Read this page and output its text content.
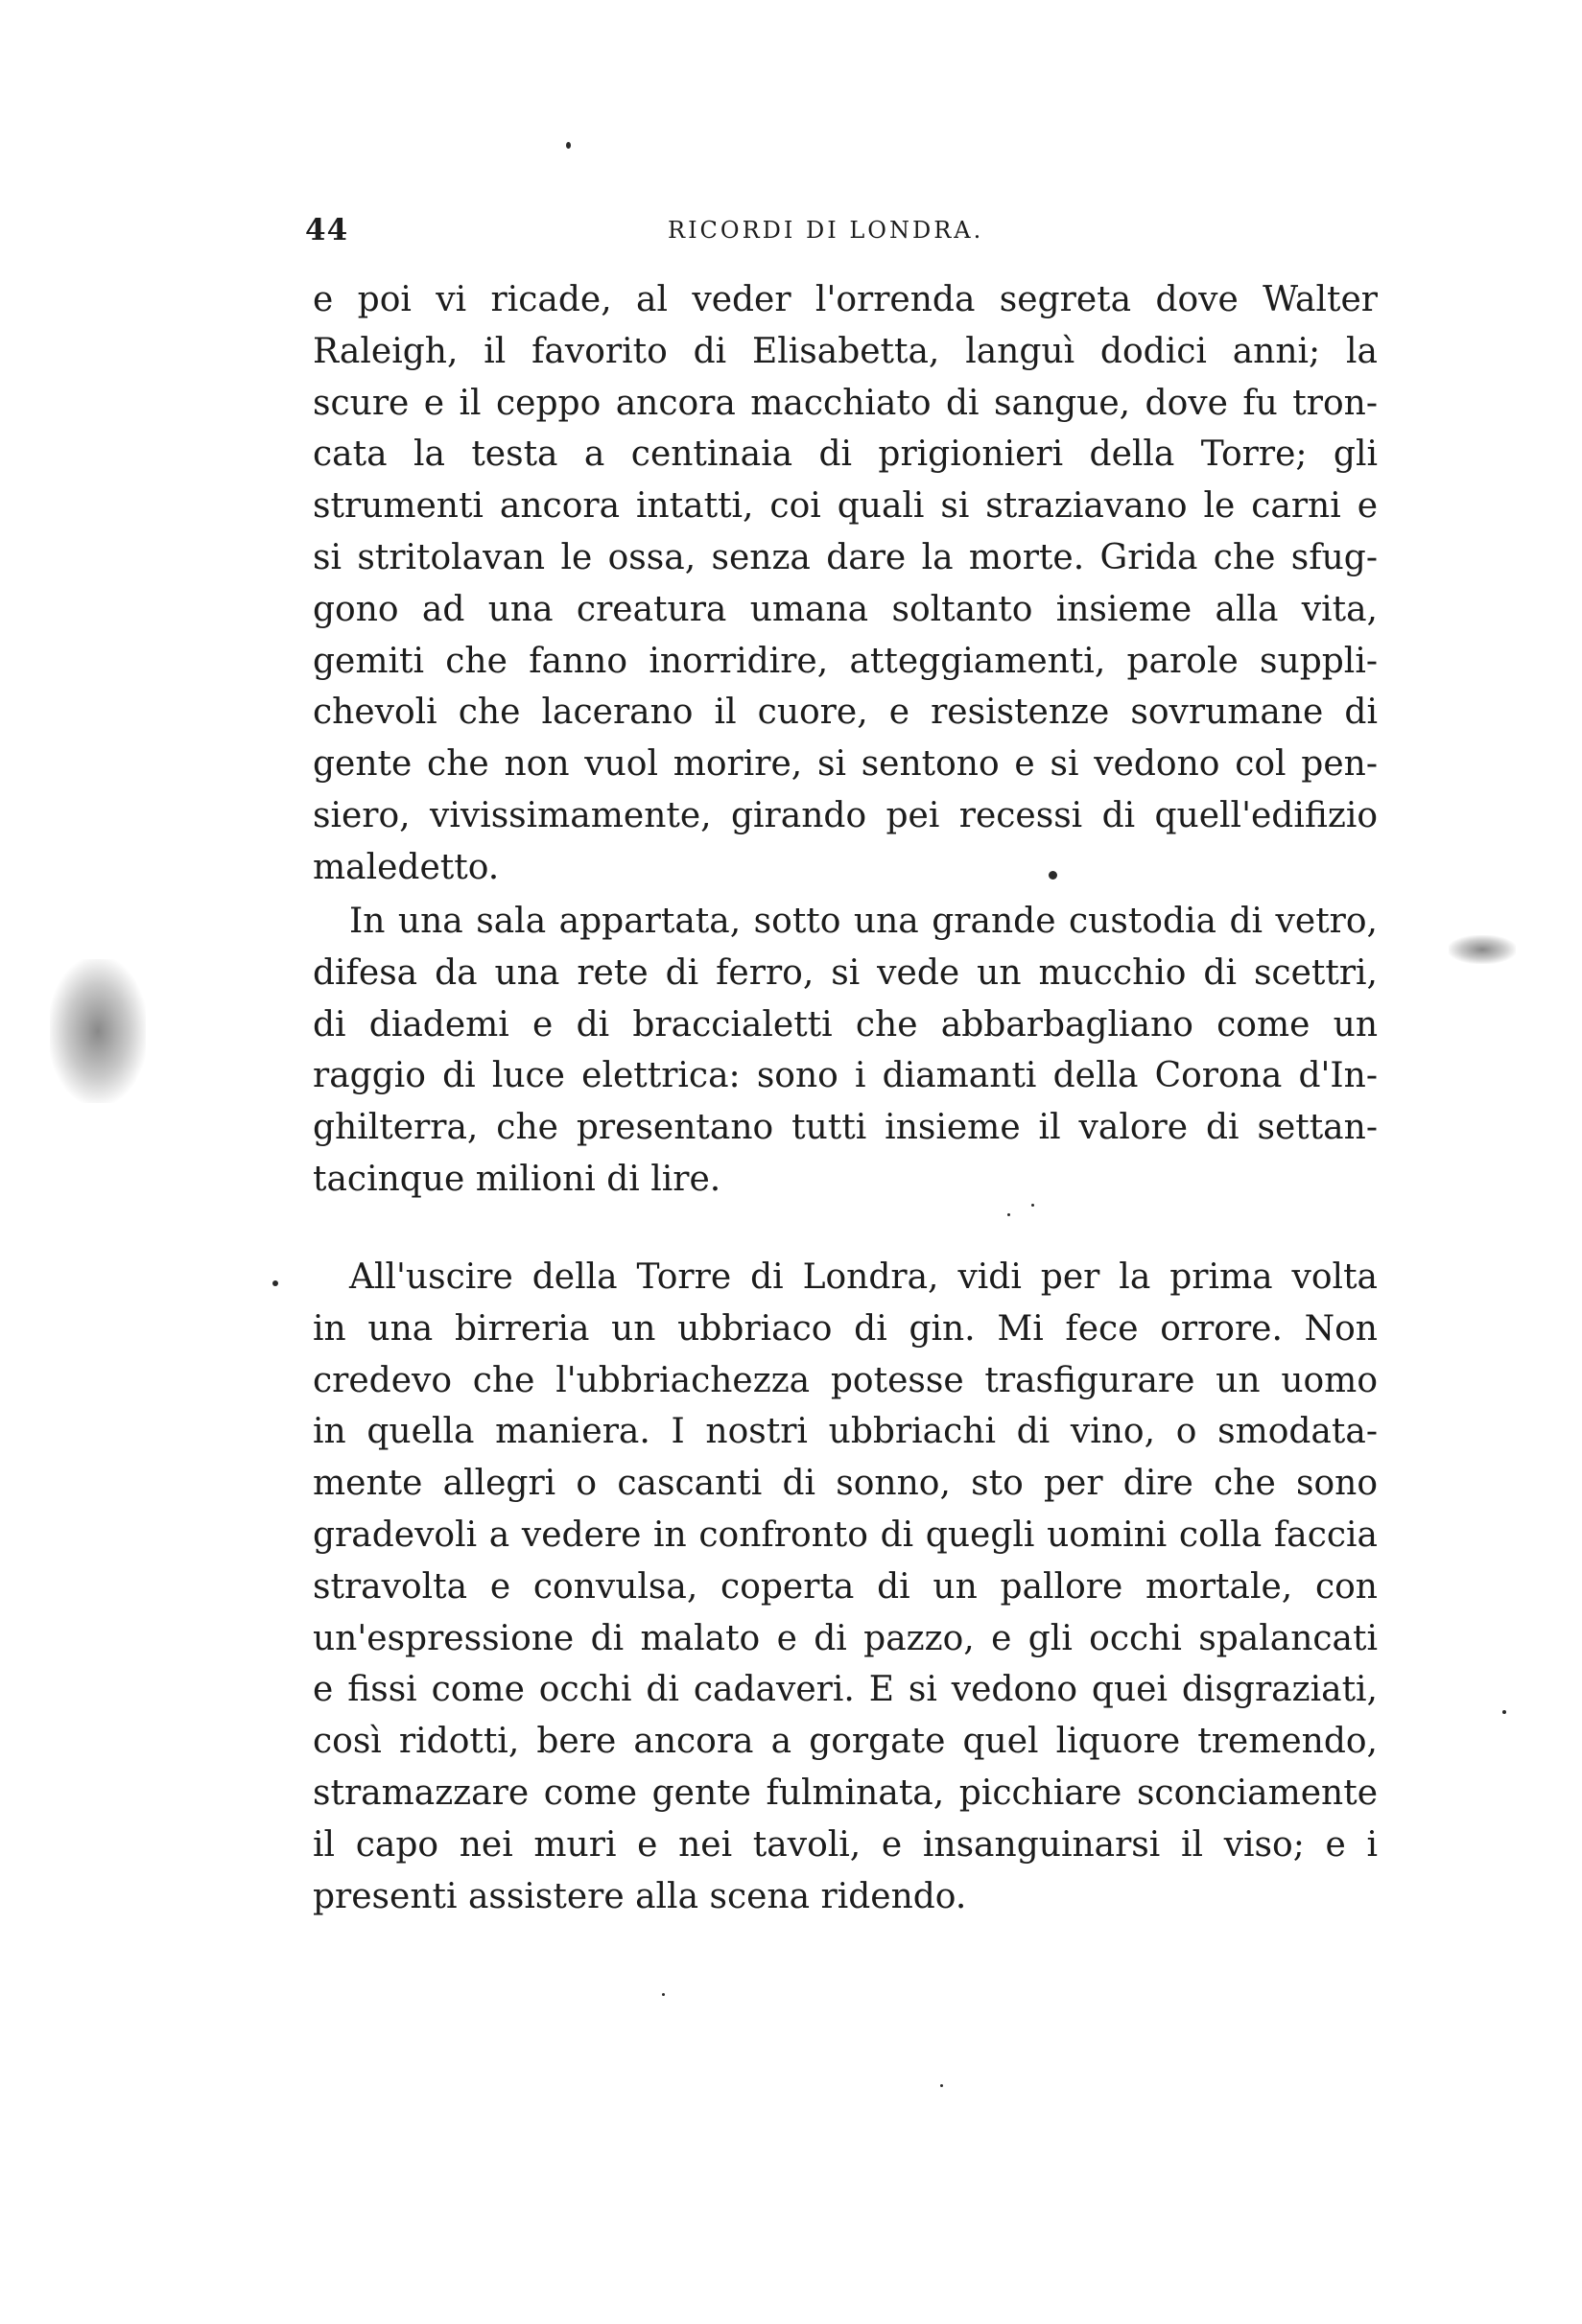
44	RICORDI DI LONDRA.
e poi vi ricade, al veder l'orrenda segreta dove Walter
Raleigh, il favorito di Elisabetta, languì dodici anni; la
scure e il ceppo ancora macchiato di sangue, dove fu tron-
cata la testa a centinaia di prigionieri della Torre; gli
strumenti ancora intatti, coi quali si straziavano le carni e
si stritolavan le ossa, senza dare la morte. Grida che sfug-
gono ad una creatura umana soltanto insieme alla vita,
gemiti che fanno inorridire, atteggiamenti, parole suppli-
chevoli che lacerano il cuore, e resistenze sovrumane di
gente che non vuol morire, si sentono e si vedono col pen-
siero, vivissimamente, girando pei recessi di quell'edifizio
maledetto.
In una sala appartata, sotto una grande custodia di vetro,
difesa da una rete di ferro, si vede un mucchio di scettri,
di diademi e di braccialetti che abbarbagliano come un
raggio di luce elettrica: sono i diamanti della Corona d'In-
ghilterra, che presentano tutti insieme il valore di settan-
tacinque milioni di lire.
All'uscire della Torre di Londra, vidi per la prima volta
in una birreria un ubbriaco di gin. Mi fece orrore. Non
credevo che l'ubbriachezza potesse trasfigurare un uomo
in quella maniera. I nostri ubbriachi di vino, o smodata-
mente allegri o cascanti di sonno, sto per dire che sono
gradevoli a vedere in confronto di quegli uomini colla faccia
stravolta e convulsa, coperta di un pallore mortale, con
un'espressione di malato e di pazzo, e gli occhi spalancati
e fissi come occhi di cadaveri. E si vedono quei disgraziati,
così ridotti, bere ancora a gorgate quel liquore tremendo,
stramazzare come gente fulminata, picchiare sconciamente
il capo nei muri e nei tavoli, e insanguinarsi il viso; e i
presenti assistere alla scena ridendo.
